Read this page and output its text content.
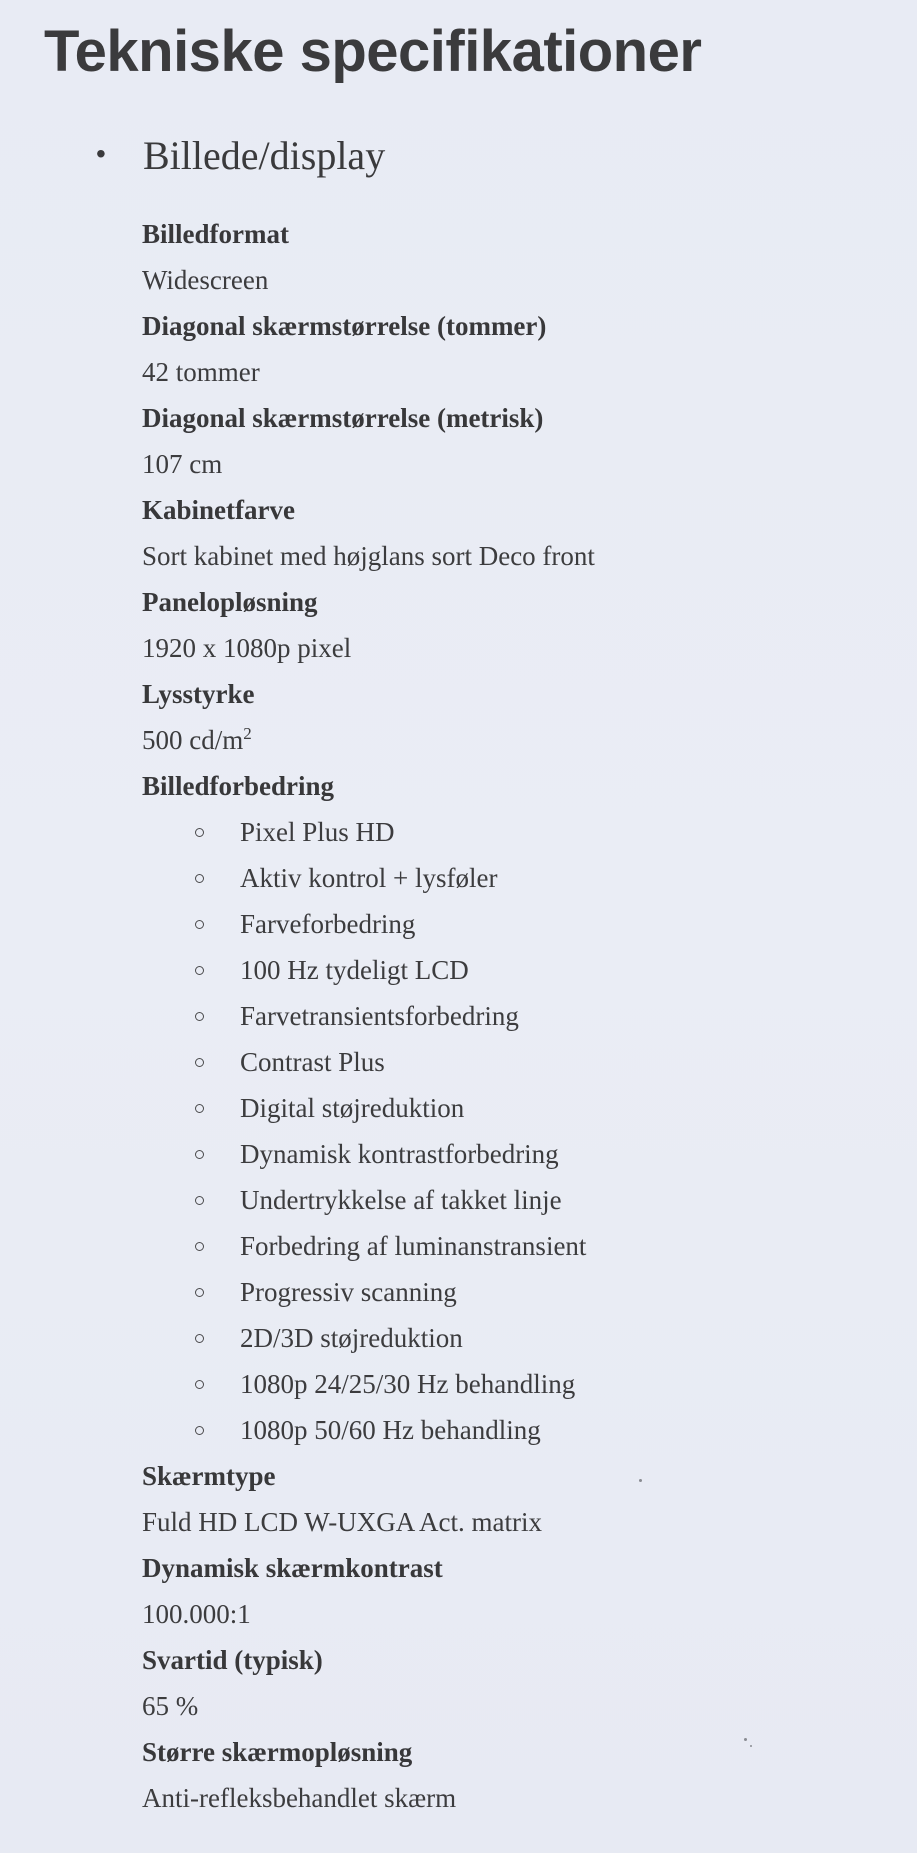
Tekniske specifikationer
• Billede/display
Billedformat
Widescreen
Diagonal skærmstørrelse (tommer)
42 tommer
Diagonal skærmstørrelse (metrisk)
107 cm
Kabinetfarve
Sort kabinet med højglans sort Deco front
Panelopløsning
1920 x 1080p pixel
Lysstyrke
500 $cd/m^2$
Billedforbedring
Pixel Plus HD
Aktiv kontrol + lysføler
Farveforbedring
100 Hz tydeligt LCD
Farvetransientsforbedring
Contrast Plus
Digital støjreduktion
Dynamisk kontrastforbedring
Undertrykkelse af takket linje
Forbedring af luminanstransient
Progressiv scanning
2D/3D støjreduktion
1080p 24/25/30 Hz behandling
1080p 50/60 Hz behandling
Skærmtype
Fuld HD LCD W-UXGA Act. matrix
Dynamisk skærmkontrast
100.000:1
Svartid (typisk)
65 %
Større skærmopløsning
Anti-refleksbehandlet skærm
